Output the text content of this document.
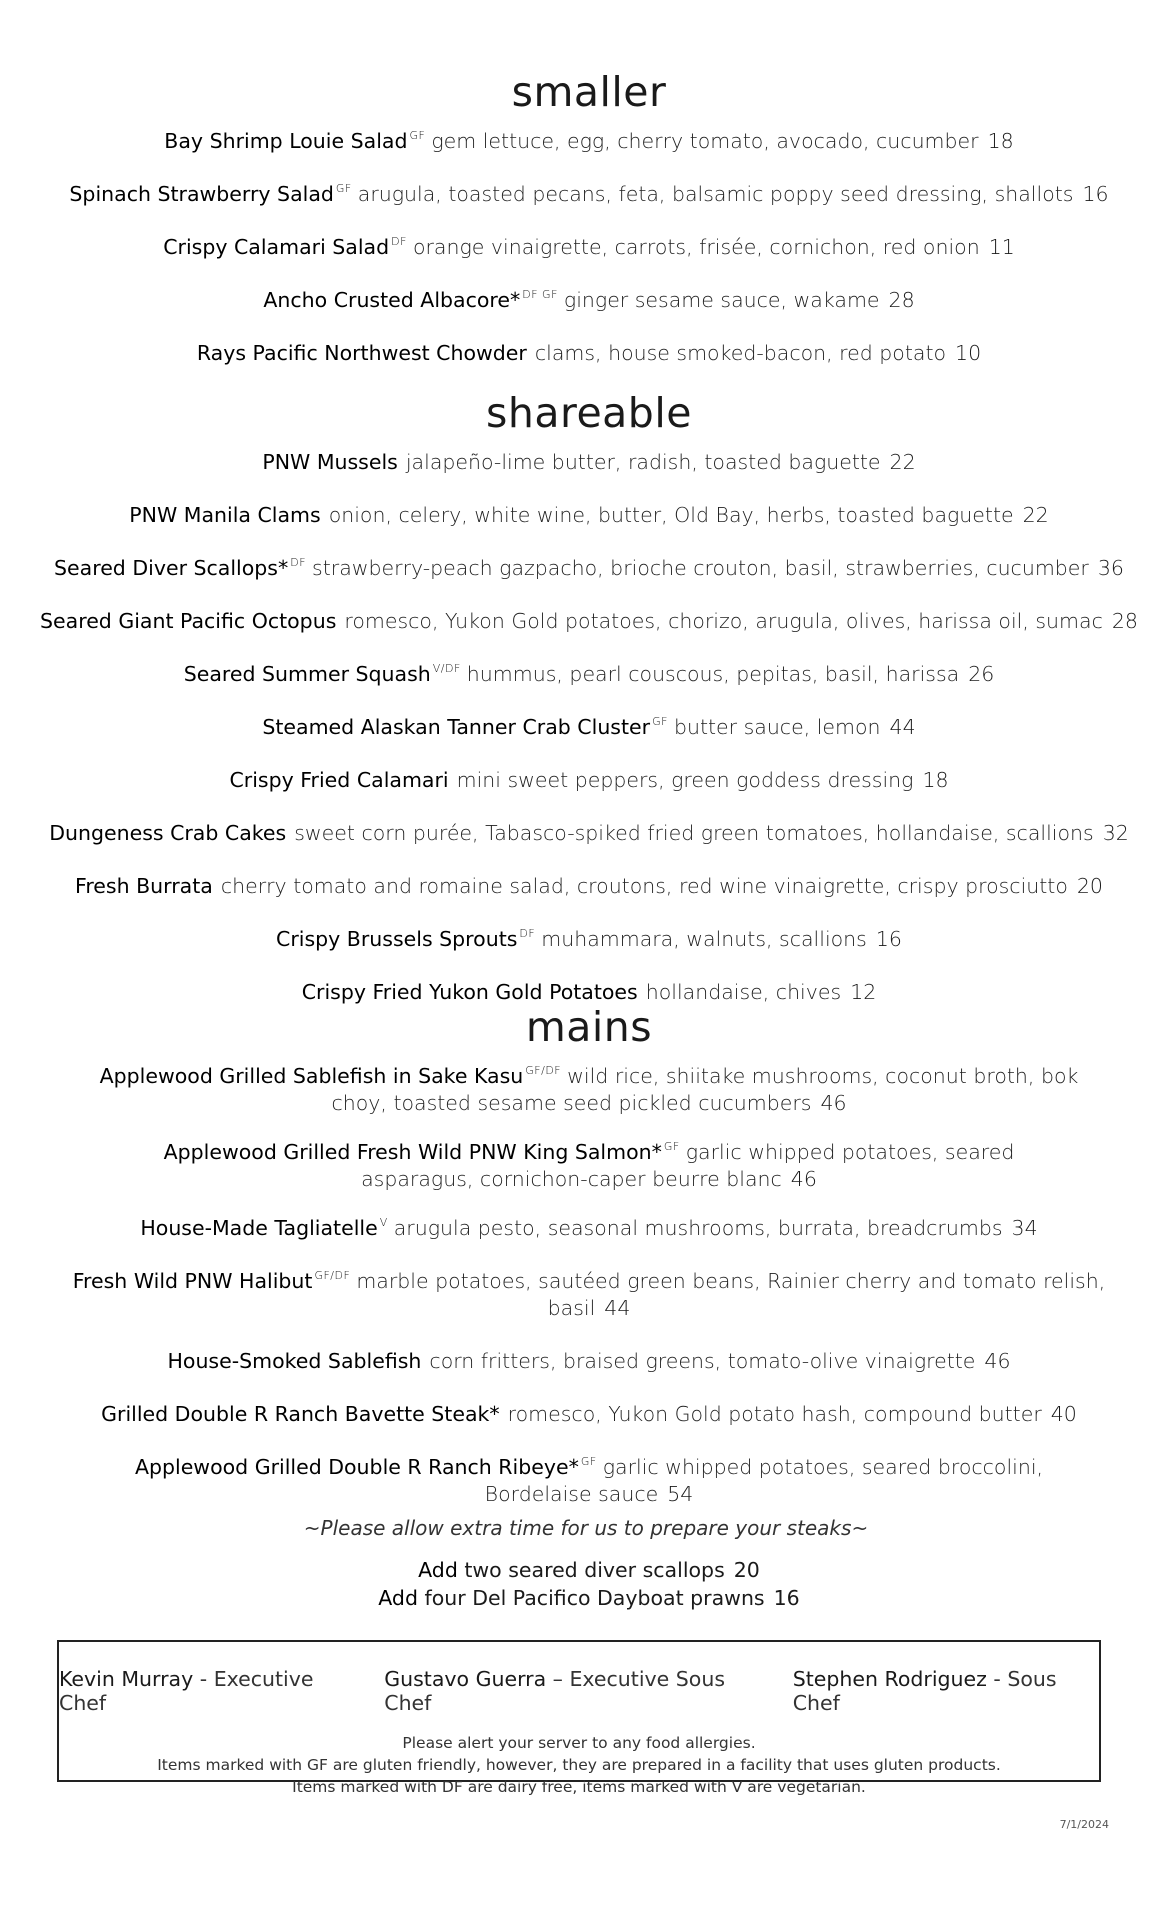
smaller
Bay Shrimp Louie Salad $^{GF}$ gem lettuce, egg, cherry tomato, avocado, cucumber 18
Spinach Strawberry Salad $^{GF}$ arugula, toasted pecans, feta, balsamic poppy seed dressing, shallots 16
Crispy Calamari Salad $^{DF}$ orange vinaigrette, carrots, frisée, cornichon, red onion 11
Ancho Crusted Albacore* $^{DF GF}$ ginger sesame sauce, wakame 28
Rays Pacific Northwest Chowder clams, house smoked-bacon, red potato 10
shareable
PNW Mussels jalapeño-lime butter, radish, toasted baguette 22
PNW Manila Clams onion, celery, white wine, butter, Old Bay, herbs, toasted baguette 22
Seared Diver Scallops* $^{DF}$ strawberry-peach gazpacho, brioche crouton, basil, strawberries, cucumber 36
Seared Giant Pacific Octopus romesco, Yukon Gold potatoes, chorizo, arugula, olives, harissa oil, sumac 28
Seared Summer Squash $^{V/DF}$ hummus, pearl couscous, pepitas, basil, harissa 26
Steamed Alaskan Tanner Crab Cluster $^{GF}$ butter sauce, lemon 44
Crispy Fried Calamari mini sweet peppers, green goddess dressing 18
Dungeness Crab Cakes sweet corn purée, Tabasco-spiked fried green tomatoes, hollandaise, scallions 32
Fresh Burrata cherry tomato and romaine salad, croutons, red wine vinaigrette, crispy prosciutto 20
Crispy Brussels Sprouts $^{DF}$ muhammara, walnuts, scallions 16
Crispy Fried Yukon Gold Potatoes hollandaise, chives 12
mains
Applewood Grilled Sablefish in Sake Kasu $^{GF/DF}$ wild rice, shiitake mushrooms, coconut broth, bok choy, toasted sesame seed pickled cucumbers 46
Applewood Grilled Fresh Wild PNW King Salmon* $^{GF}$ garlic whipped potatoes, seared asparagus, cornichon-caper beurre blanc 46
House-Made Tagliatelle $^V$ arugula pesto, seasonal mushrooms, burrata, breadcrumbs 34
Fresh Wild PNW Halibut $^{GF/DF}$ marble potatoes, sautéed green beans, Rainier cherry and tomato relish, basil 44
House-Smoked Sablefish corn fritters, braised greens, tomato-olive vinaigrette 46
Grilled Double R Ranch Bavette Steak* romesco, Yukon Gold potato hash, compound butter 40
Applewood Grilled Double R Ranch Ribeye* $^{GF}$ garlic whipped potatoes, seared broccolini, Bordelaise sauce 54
~Please allow extra time for us to prepare your steaks~
Add two seared diver scallops 20
Add four Del Pacifico Dayboat prawns 16
Kevin Murray - Executive Chef
Gustavo Guerra – Executive Sous Chef
Stephen Rodriguez - Sous Chef
Please alert your server to any food allergies.
Items marked with GF are gluten friendly, however, they are prepared in a facility that uses gluten products.
Items marked with DF are dairy free, items marked with V are vegetarian.
7/1/2024
